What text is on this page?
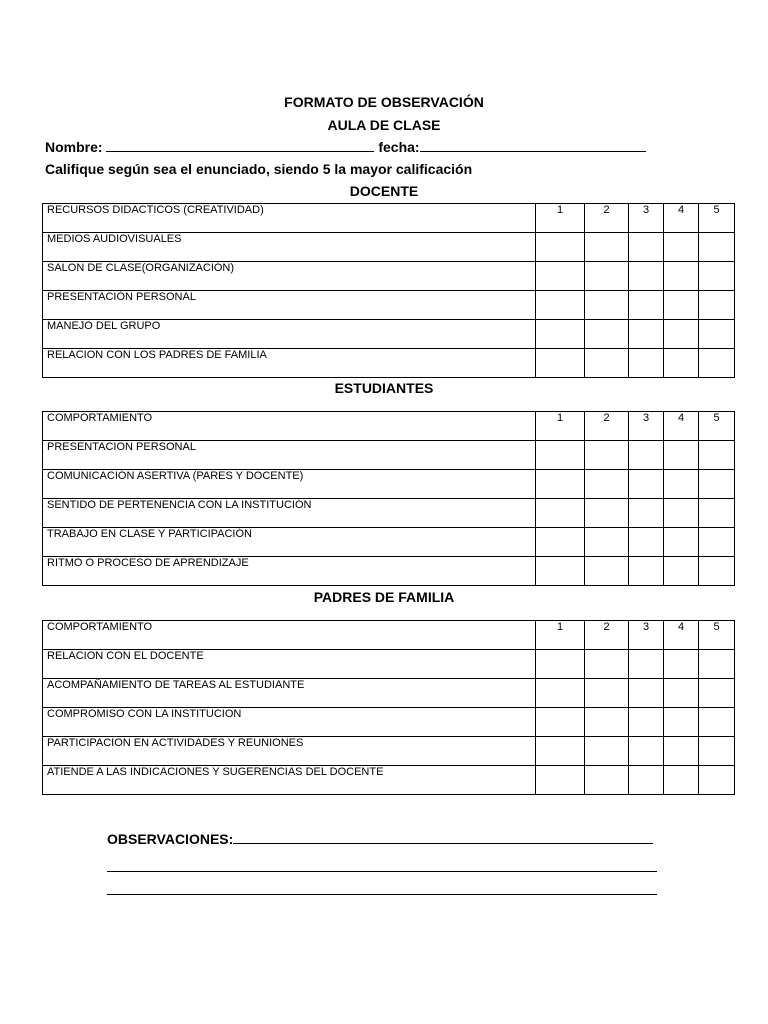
FORMATO DE OBSERVACIÓN
AULA DE CLASE
Nombre:	fecha:
Califique según sea el enunciado, siendo 5 la mayor calificación
DOCENTE
RECURSOS DIDACTICOS (CREATIVIDAD)	1	2	3	4	5
MEDIOS AUDIOVISUALES					
SALON DE CLASE(ORGANIZACIÓN)					
PRESENTACIÓN PERSONAL					
MANEJO DEL GRUPO					
RELACION CON LOS PADRES DE FAMILIA					
ESTUDIANTES
COMPORTAMIENTO	1	2	3	4	5
PRESENTACION PERSONAL					
COMUNICACIÓN ASERTIVA (PARES Y DOCENTE)					
SENTIDO DE PERTENENCIA CON LA INSTITUCIÓN					
TRABAJO EN CLASE Y PARTICIPACIÓN					
RITMO O PROCESO DE APRENDIZAJE					
PADRES DE FAMILIA
COMPORTAMIENTO	1	2	3	4	5
RELACION CON EL DOCENTE					
ACOMPAÑAMIENTO DE TAREAS AL ESTUDIANTE					
COMPROMISO CON LA INSTITUCION					
PARTICIPACION EN ACTIVIDADES Y REUNIONES					
ATIENDE A LAS INDICACIONES Y SUGERENCIAS DEL DOCENTE					
OBSERVACIONES:
